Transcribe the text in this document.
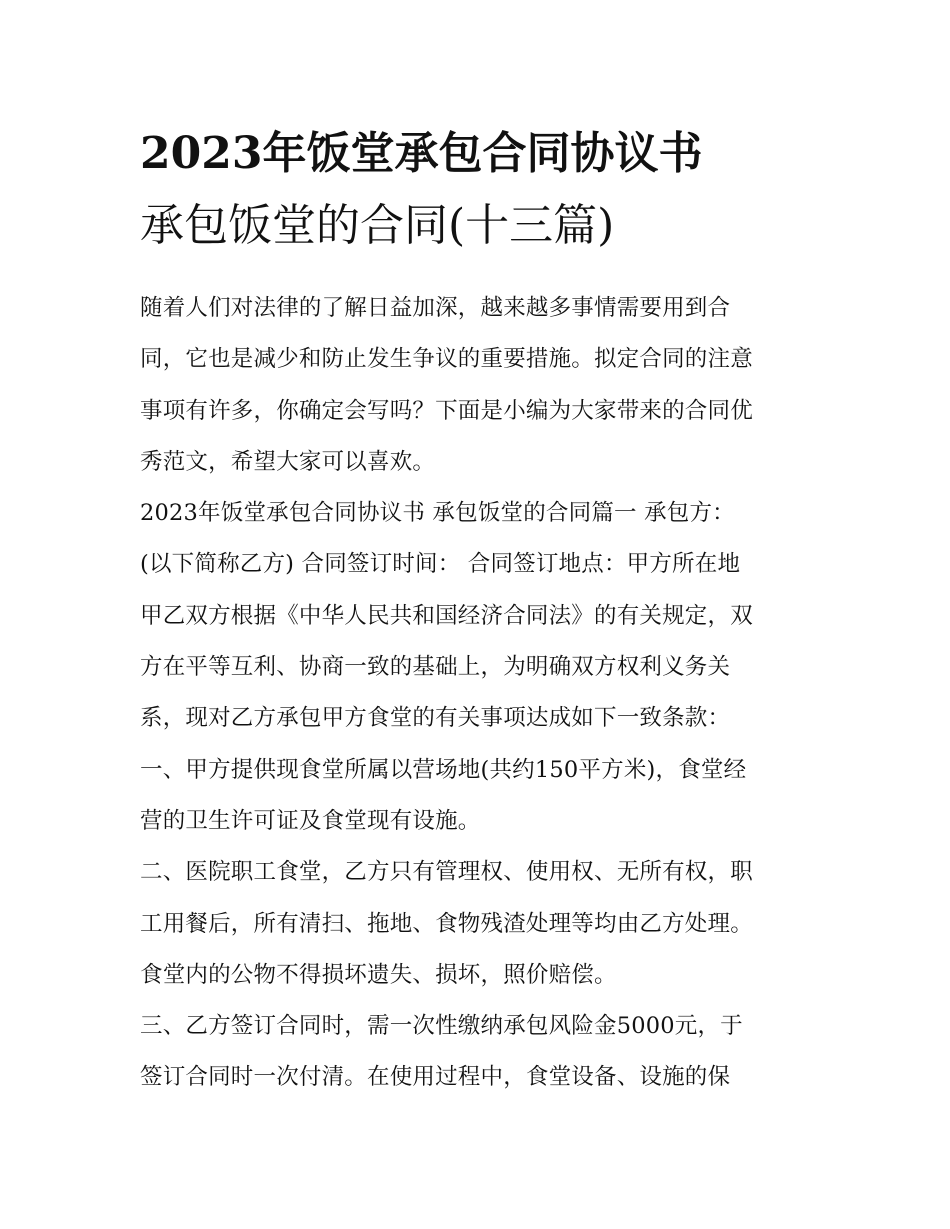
2023年饭堂承包合同协议书
承包饭堂的合同(十三篇)
随着人们对法律的了解日益加深，越来越多事情需要用到合
同，它也是减少和防止发生争议的重要措施。拟定合同的注意
事项有许多，你确定会写吗？下面是小编为大家带来的合同优
秀范文，希望大家可以喜欢。
2023年饭堂承包合同协议书 承包饭堂的合同篇一 承包方：
(以下简称乙方) 合同签订时间： 合同签订地点：甲方所在地
甲乙双方根据《中华人民共和国经济合同法》的有关规定，双
方在平等互利、协商一致的基础上，为明确双方权利义务关
系，现对乙方承包甲方食堂的有关事项达成如下一致条款：
一、甲方提供现食堂所属以营场地(共约150平方米)，食堂经
营的卫生许可证及食堂现有设施。
二、医院职工食堂，乙方只有管理权、使用权、无所有权，职
工用餐后，所有清扫、拖地、食物残渣处理等均由乙方处理。
食堂内的公物不得损坏遗失、损坏，照价赔偿。
三、乙方签订合同时，需一次性缴纳承包风险金5000元，于
签订合同时一次付清。在使用过程中，食堂设备、设施的保
